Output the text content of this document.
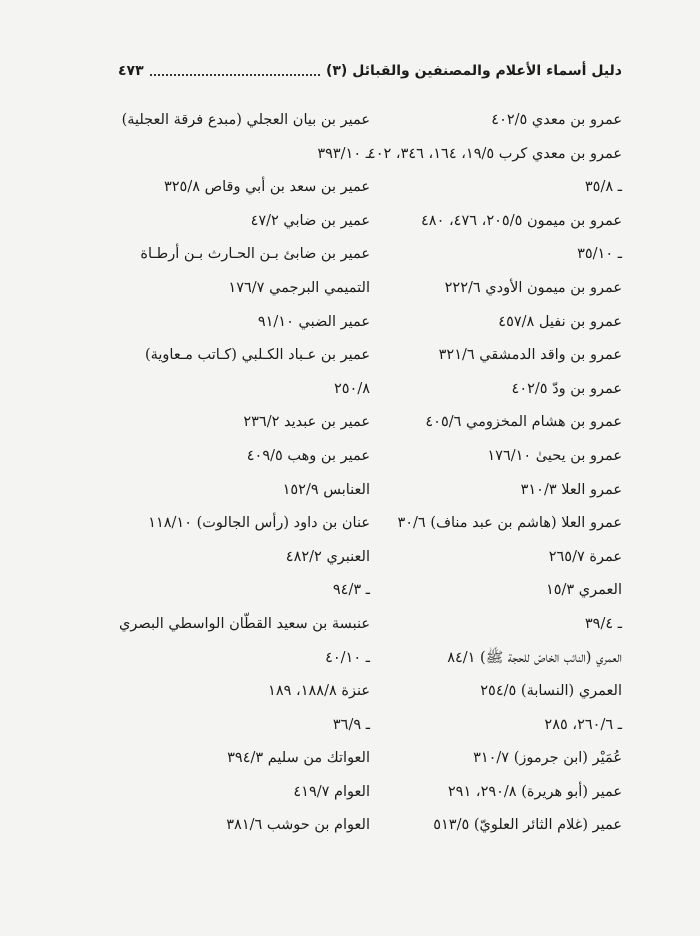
دليل أسماء الأعلام والمصنفين والقبائل (٣)
٤٧٣
عمرو بن معدي ٤٠٢/٥
عمرو بن معدي كرب ١٩/٥، ١٦٤، ٣٤٦، ٤٠٢
ـ ٣٥/٨
عمرو بن ميمون ٢٠٥/٥، ٤٧٦، ٤٨٠
ـ ٣٥/١٠
عمرو بن ميمون الأودي ٢٢٢/٦
عمرو بن نفيل ٤٥٧/٨
عمرو بن واقد الدمشقي ٣٢١/٦
عمرو بن ودّ ٤٠٢/٥
عمرو بن هشام المخزومي ٤٠٥/٦
عمرو بن يحيىٰ ١٧٦/١٠
عمرو العلا ٣١٠/٣
عمرو العلا (هاشم بن عبد مناف) ٣٠/٦
عمرة ٢٦٥/٧
العمري ١٥/٣
ـ ٣٩/٤
العمري (النائب الخاصّ للحجة ﷺ) ٨٤/١
العمري (النسابة) ٢٥٤/٥
ـ ٢٦٠/٦، ٢٨٥
عُمَيْر (ابن جرموز) ٣١٠/٧
عمير (أبو هريرة) ٢٩٠/٨، ٢٩١
عمير (غلام الثائر العلويّ) ٥١٣/٥
عمير بن بيان العجلي (مبدع فرقة العجلية)
ـ ٣٩٣/١٠
عمير بن سعد بن أبي وقاص ٣٢٥/٨
عمير بن ضابي ٤٧/٢
عمير بن ضابئ بـن الحـارث بـن أرطـاة
التميمي البرجمي ١٧٦/٧
عمير الضبي ٩١/١٠
عمير بن عـباد الكـلبي (كـاتب مـعاوية)
٢٥٠/٨
عمير بن عبديد ٢٣٦/٢
عمير بن وهب ٤٠٩/٥
العنابس ١٥٢/٩
عنان بن داود (رأس الجالوت) ١١٨/١٠
العنبري ٤٨٢/٢
ـ ٩٤/٣
عنبسة بن سعيد القطّان الواسطي البصري
ـ ٤٠/١٠
عنزة ١٨٨/٨، ١٨٩
ـ ٣٦/٩
العواتك من سليم ٣٩٤/٣
العوام ٤١٩/٧
العوام بن حوشب ٣٨١/٦
